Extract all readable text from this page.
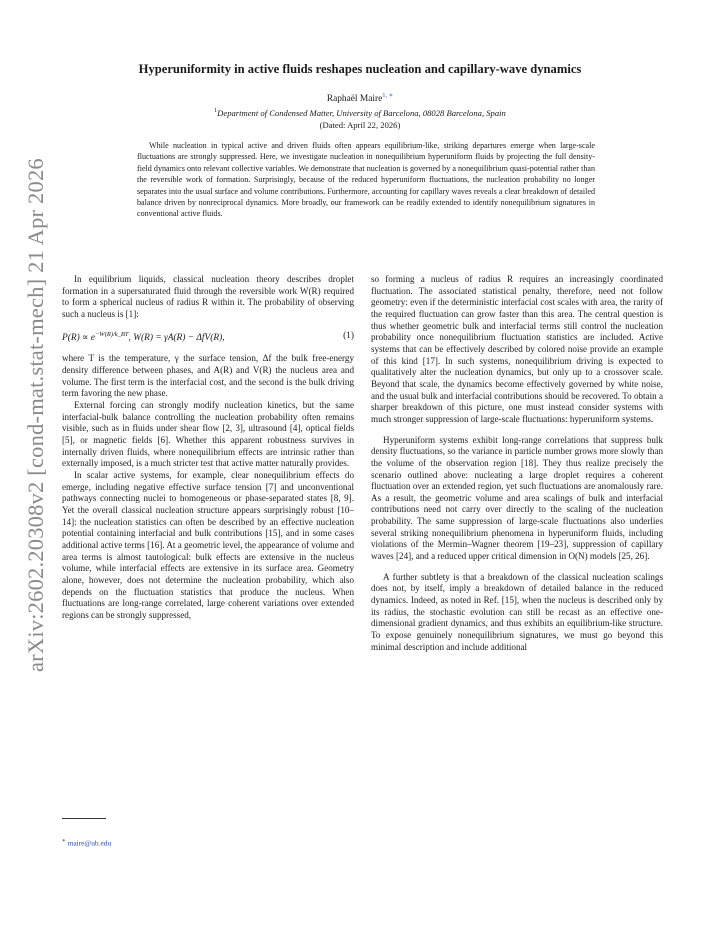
arXiv:2602.20308v2 [cond-mat.stat-mech] 21 Apr 2026
Hyperuniformity in active fluids reshapes nucleation and capillary-wave dynamics
Raphaël Maire$^{1, ∗}$
$^1$Department of Condensed Matter, University of Barcelona, 08028 Barcelona, Spain
(Dated: April 22, 2026)
While nucleation in typical active and driven fluids often appears equilibrium-like, striking departures emerge when large-scale fluctuations are strongly suppressed. Here, we investigate nucleation in nonequilibrium hyperuniform fluids by projecting the full density-field dynamics onto relevant collective variables. We demonstrate that nucleation is governed by a nonequilibrium quasi-potential rather than the reversible work of formation. Surprisingly, because of the reduced hyperuniform fluctuations, the nucleation probability no longer separates into the usual surface and volume contributions. Furthermore, accounting for capillary waves reveals a clear breakdown of detailed balance driven by nonreciprocal dynamics. More broadly, our framework can be readily extended to identify nonequilibrium signatures in conventional active fluids.

In equilibrium liquids, classical nucleation theory describes droplet formation in a supersaturated fluid through the reversible work W(R) required to form a spherical nucleus of radius R within it. The probability of observing such a nucleus is [1]:

$P(R) \propto e^{-W(R)/k\_BT}$, W(R) = γA(R) − ΔfV(R),	(1)

where T is the temperature, γ the surface tension, Δf the bulk free-energy density difference between phases, and A(R) and V(R) the nucleus area and volume. The first term is the interfacial cost, and the second is the bulk driving term favoring the new phase.

External forcing can strongly modify nucleation kinetics, but the same interfacial-bulk balance controlling the nucleation probability often remains visible, such as in fluids under shear flow [2, 3], ultrasound [4], optical fields [5], or magnetic fields [6]. Whether this apparent robustness survives in internally driven fluids, where nonequilibrium effects are intrinsic rather than externally imposed, is a much stricter test that active matter naturally provides.

In scalar active systems, for example, clear nonequilibrium effects do emerge, including negative effective surface tension [7] and unconventional pathways connecting nuclei to homogeneous or phase-separated states [8, 9]. Yet the overall classical nucleation structure appears surprisingly robust [10–14]: the nucleation statistics can often be described by an effective nucleation potential containing interfacial and bulk contributions [15], and in some cases additional active terms [16]. At a geometric level, the appearance of volume and area terms is almost tautological: bulk effects are extensive in the nucleus volume, while interfacial effects are extensive in its surface area. Geometry alone, however, does not determine the nucleation probability, which also depends on the fluctuation statistics that produce the nucleus. When fluctuations are long-range correlated, large coherent variations over extended regions can be strongly suppressed,

so forming a nucleus of radius R requires an increasingly coordinated fluctuation. The associated statistical penalty, therefore, need not follow geometry: even if the deterministic interfacial cost scales with area, the rarity of the required fluctuation can grow faster than this area. The central question is thus whether geometric bulk and interfacial terms still control the nucleation probability once nonequilibrium fluctuation statistics are included. Active systems that can be effectively described by colored noise provide an example of this kind [17]. In such systems, nonequilibrium driving is expected to qualitatively alter the nucleation dynamics, but only up to a crossover scale. Beyond that scale, the dynamics become effectively governed by white noise, and the usual bulk and interfacial contributions should be recovered. To obtain a sharper breakdown of this picture, one must instead consider systems with much stronger suppression of large-scale fluctuations: hyperuniform systems.

Hyperuniform systems exhibit long-range correlations that suppress bulk density fluctuations, so the variance in particle number grows more slowly than the volume of the observation region [18]. They thus realize precisely the scenario outlined above: nucleating a large droplet requires a coherent fluctuation over an extended region, yet such fluctuations are anomalously rare. As a result, the geometric volume and area scalings of bulk and interfacial contributions need not carry over directly to the scaling of the nucleation probability. The same suppression of large-scale fluctuations also underlies several striking nonequilibrium phenomena in hyperuniform fluids, including violations of the Mermin–Wagner theorem [19–23], suppression of capillary waves [24], and a reduced upper critical dimension in O(N) models [25, 26].

A further subtlety is that a breakdown of the classical nucleation scalings does not, by itself, imply a breakdown of detailed balance in the reduced dynamics. Indeed, as noted in Ref. [15], when the nucleus is described only by its radius, the stochastic evolution can still be recast as an effective one-dimensional gradient dynamics, and thus exhibits an equilibrium-like structure. To expose genuinely nonequilibrium signatures, we must go beyond this minimal description and include additional

∗ maire@ub.edu
